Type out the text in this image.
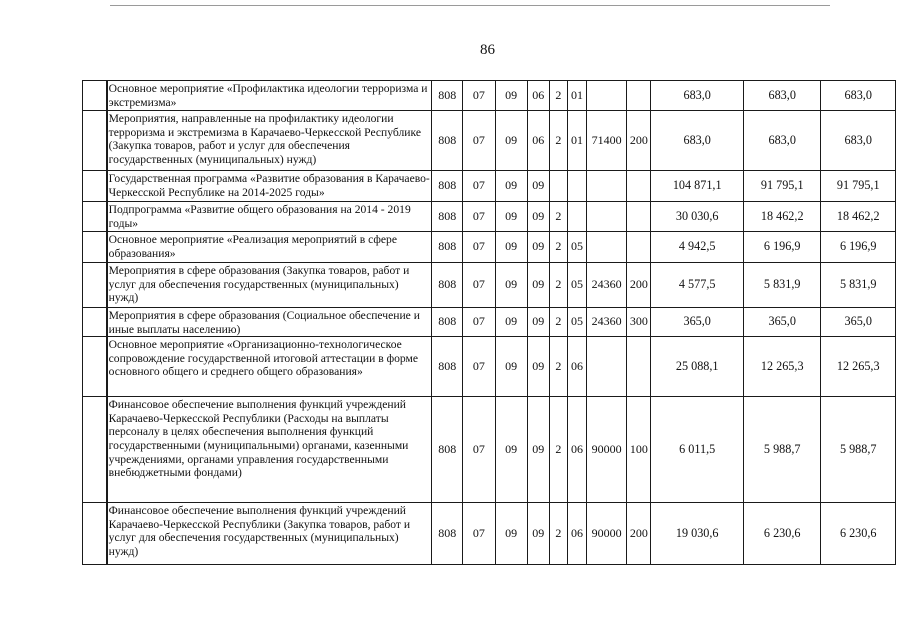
86
	Основное мероприятие «Профилактика идеологии терроризма и экстремизма»	808	07	09	06	2	01			683,0	683,0	683,0
	Мероприятия, направленные на профилактику идеологии терроризма и экстремизма в Карачаево-Черкесской Республике (Закупка товаров, работ и услуг для обеспечения государственных (муниципальных) нужд)	808	07	09	06	2	01	71400	200	683,0	683,0	683,0
	Государственная программа «Развитие образования в Карачаево-Черкесской Республике на 2014-2025 годы»	808	07	09	09					104 871,1	91 795,1	91 795,1
	Подпрограмма «Развитие общего образования на 2014 - 2019 годы»	808	07	09	09	2				30 030,6	18 462,2	18 462,2
	Основное мероприятие «Реализация мероприятий в сфере образования»	808	07	09	09	2	05			4 942,5	6 196,9	6 196,9
	Мероприятия в сфере образования (Закупка товаров, работ и услуг для обеспечения государственных (муниципальных) нужд)	808	07	09	09	2	05	24360	200	4 577,5	5 831,9	5 831,9
	Мероприятия в сфере образования (Социальное обеспечение и иные выплаты населению)	808	07	09	09	2	05	24360	300	365,0	365,0	365,0
	Основное мероприятие «Организационно-технологическое сопровождение государственной итоговой аттестации в форме основного общего и среднего общего образования»	808	07	09	09	2	06			25 088,1	12 265,3	12 265,3
	Финансовое обеспечение выполнения функций учреждений Карачаево-Черкесской Республики (Расходы на выплаты персоналу в целях обеспечения выполнения функций государственными (муниципальными) органами, казенными учреждениями, органами управления государственными внебюджетными фондами)	808	07	09	09	2	06	90000	100	6 011,5	5 988,7	5 988,7
	Финансовое обеспечение выполнения функций учреждений Карачаево-Черкесской Республики (Закупка товаров, работ и услуг для обеспечения государственных (муниципальных) нужд)	808	07	09	09	2	06	90000	200	19 030,6	6 230,6	6 230,6
